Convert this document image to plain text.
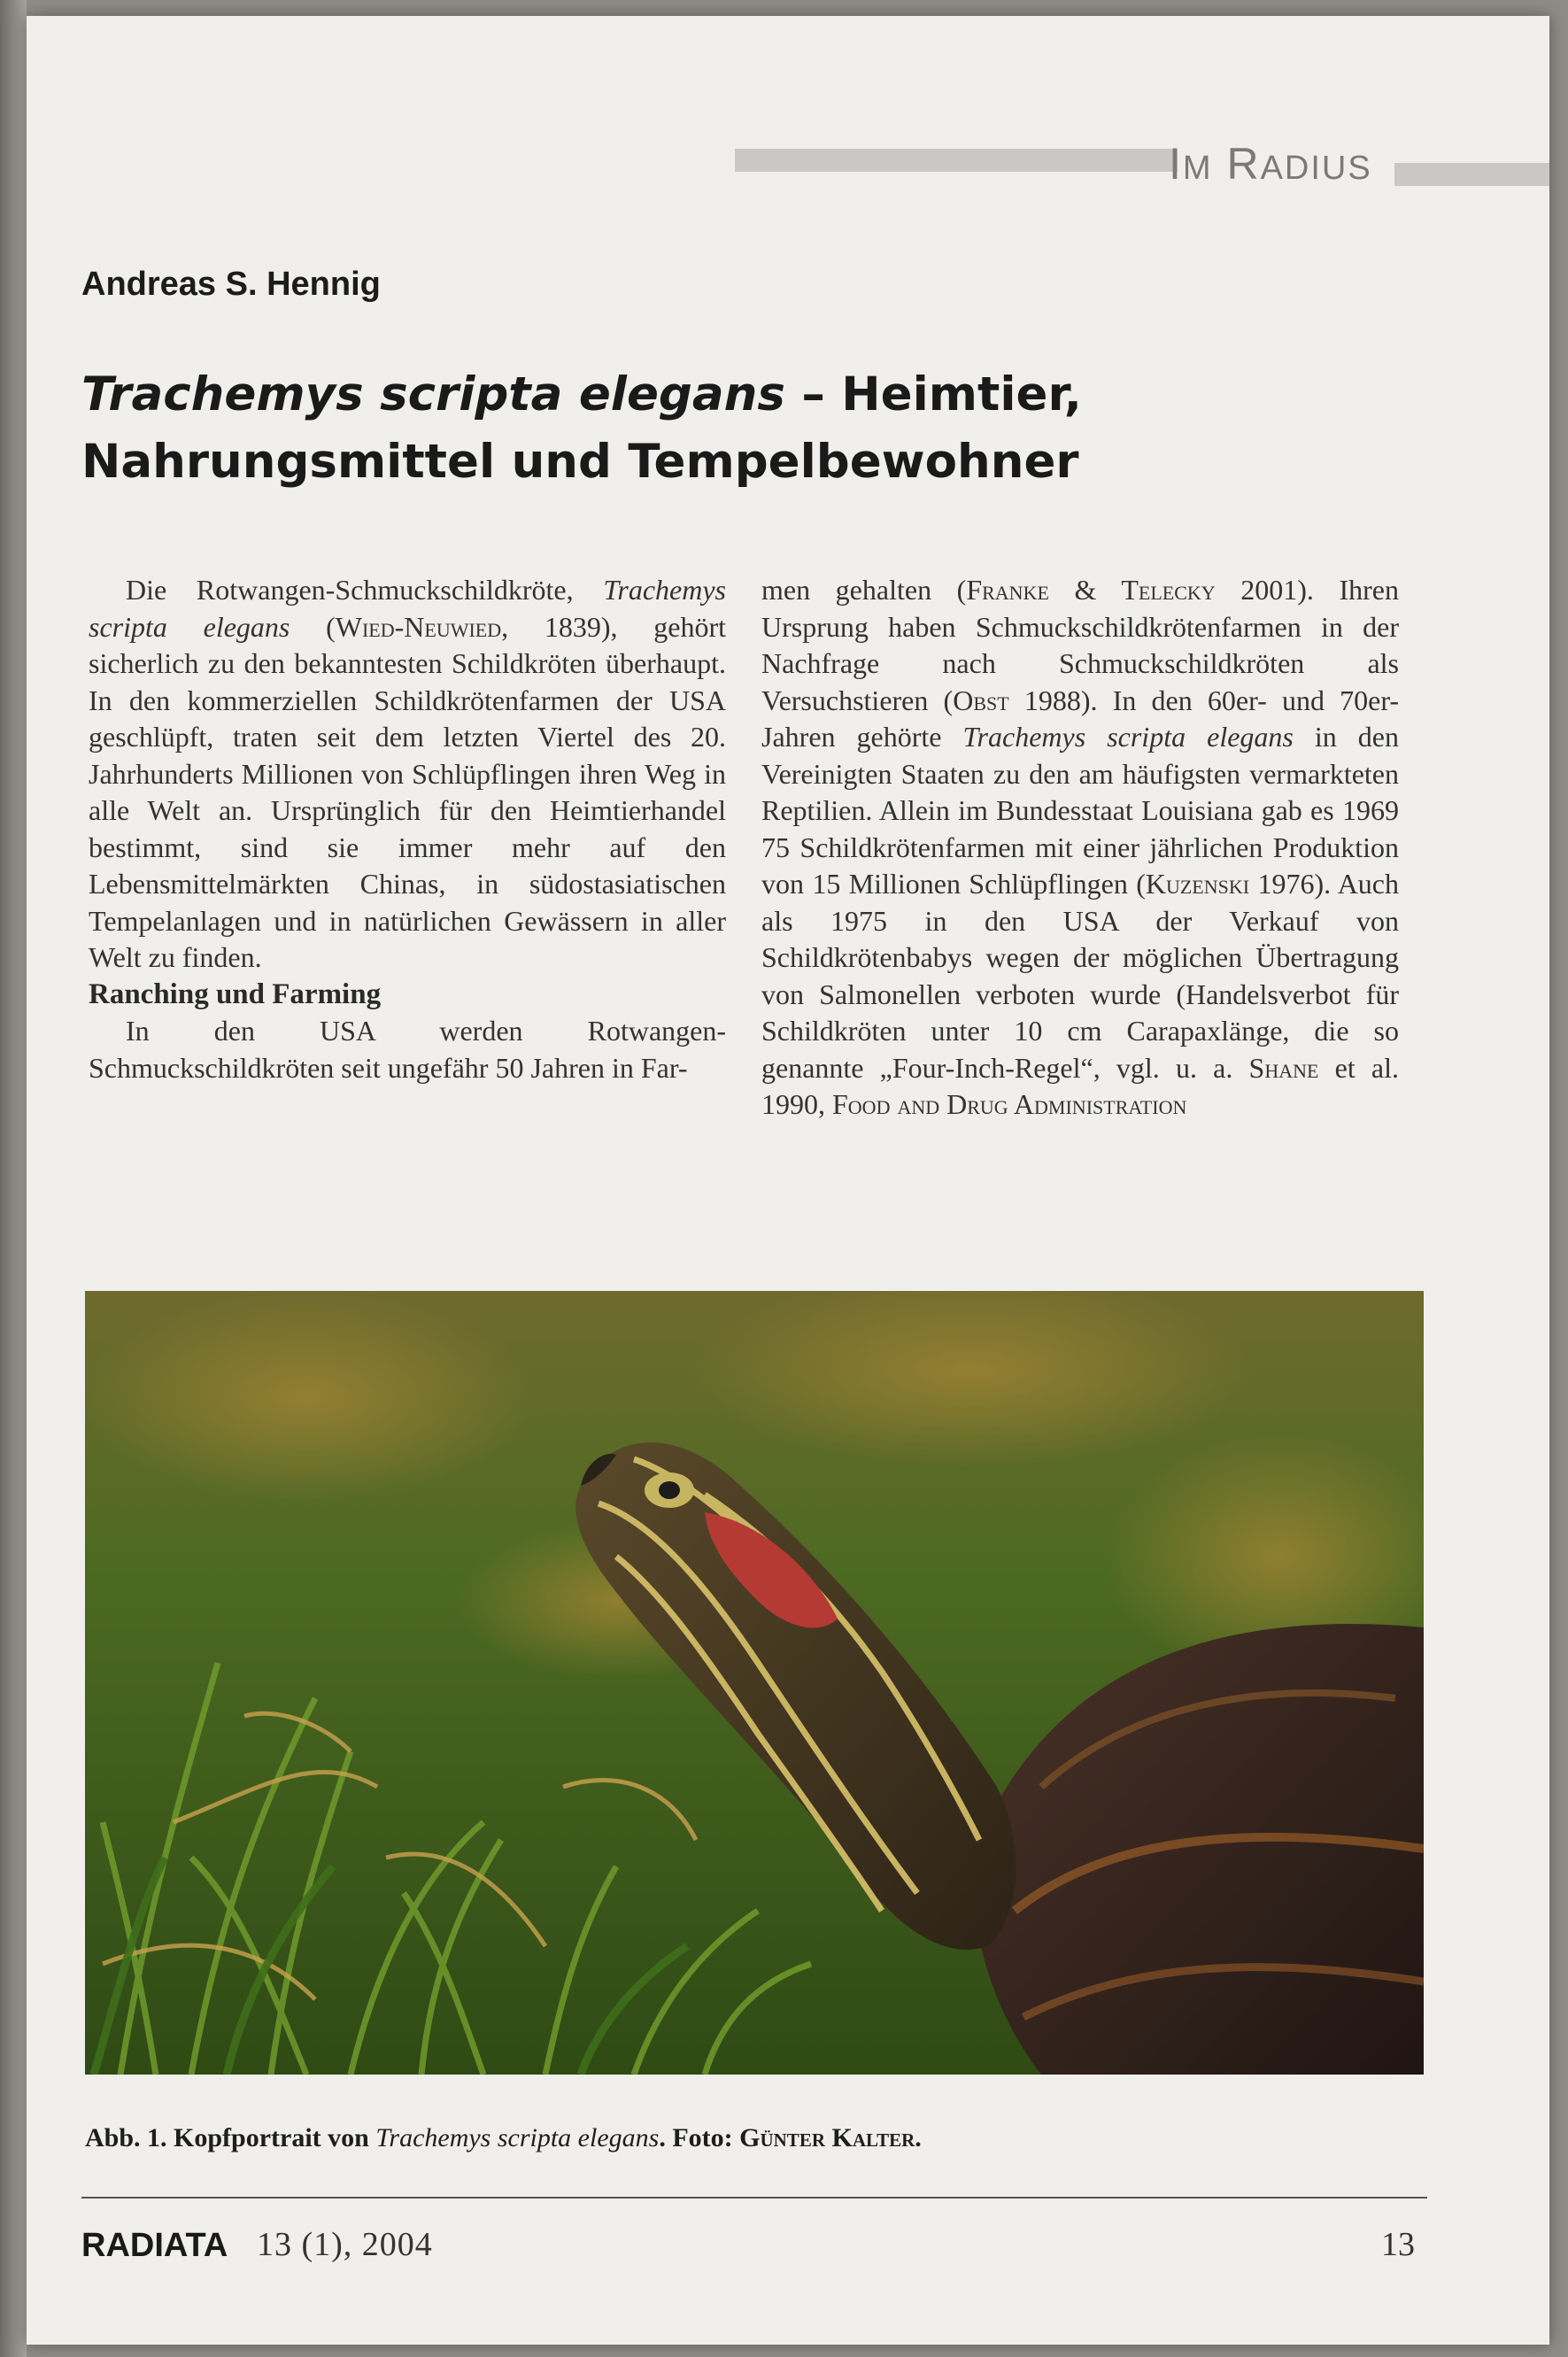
IM RADIUS
Andreas S. Hennig
Trachemys scripta elegans – Heimtier, Nahrungsmittel und Tempelbewohner

Die Rotwangen-Schmuckschildkröte, Trachemys scripta elegans (Wied-Neuwied, 1839), gehört sicherlich zu den bekanntesten Schildkröten überhaupt. In den kommerziellen Schildkrötenfarmen der USA geschlüpft, traten seit dem letzten Viertel des 20. Jahrhunderts Millionen von Schlüpflingen ihren Weg in alle Welt an. Ursprünglich für den Heimtierhandel bestimmt, sind sie immer mehr auf den Lebensmittelmärkten Chinas, in südostasiatischen Tempelanlagen und in natürlichen Gewässern in aller Welt zu finden.

Ranching und Farming

In den USA werden Rotwangen-Schmuckschildkröten seit ungefähr 50 Jahren in Far-

men gehalten (Franke & Telecky 2001). Ihren Ursprung haben Schmuckschildkrötenfarmen in der Nachfrage nach Schmuckschildkröten als Versuchstieren (Obst 1988). In den 60er- und 70er-Jahren gehörte Trachemys scripta elegans in den Vereinigten Staaten zu den am häufigsten vermarkteten Reptilien. Allein im Bundesstaat Louisiana gab es 1969 75 Schildkrötenfarmen mit einer jährlichen Produktion von 15 Millionen Schlüpflingen (Kuzenski 1976). Auch als 1975 in den USA der Verkauf von Schildkrötenbabys wegen der möglichen Übertragung von Salmonellen verboten wurde (Handelsverbot für Schildkröten unter 10 cm Carapaxlänge, die so genannte „Four-Inch-Regel“, vgl. u. a. Shane et al. 1990, Food and Drug Administration

Abb. 1. Kopfportrait von Trachemys scripta elegans. Foto: Günter Kalter.
RADIATA 13 (1), 2004	13
